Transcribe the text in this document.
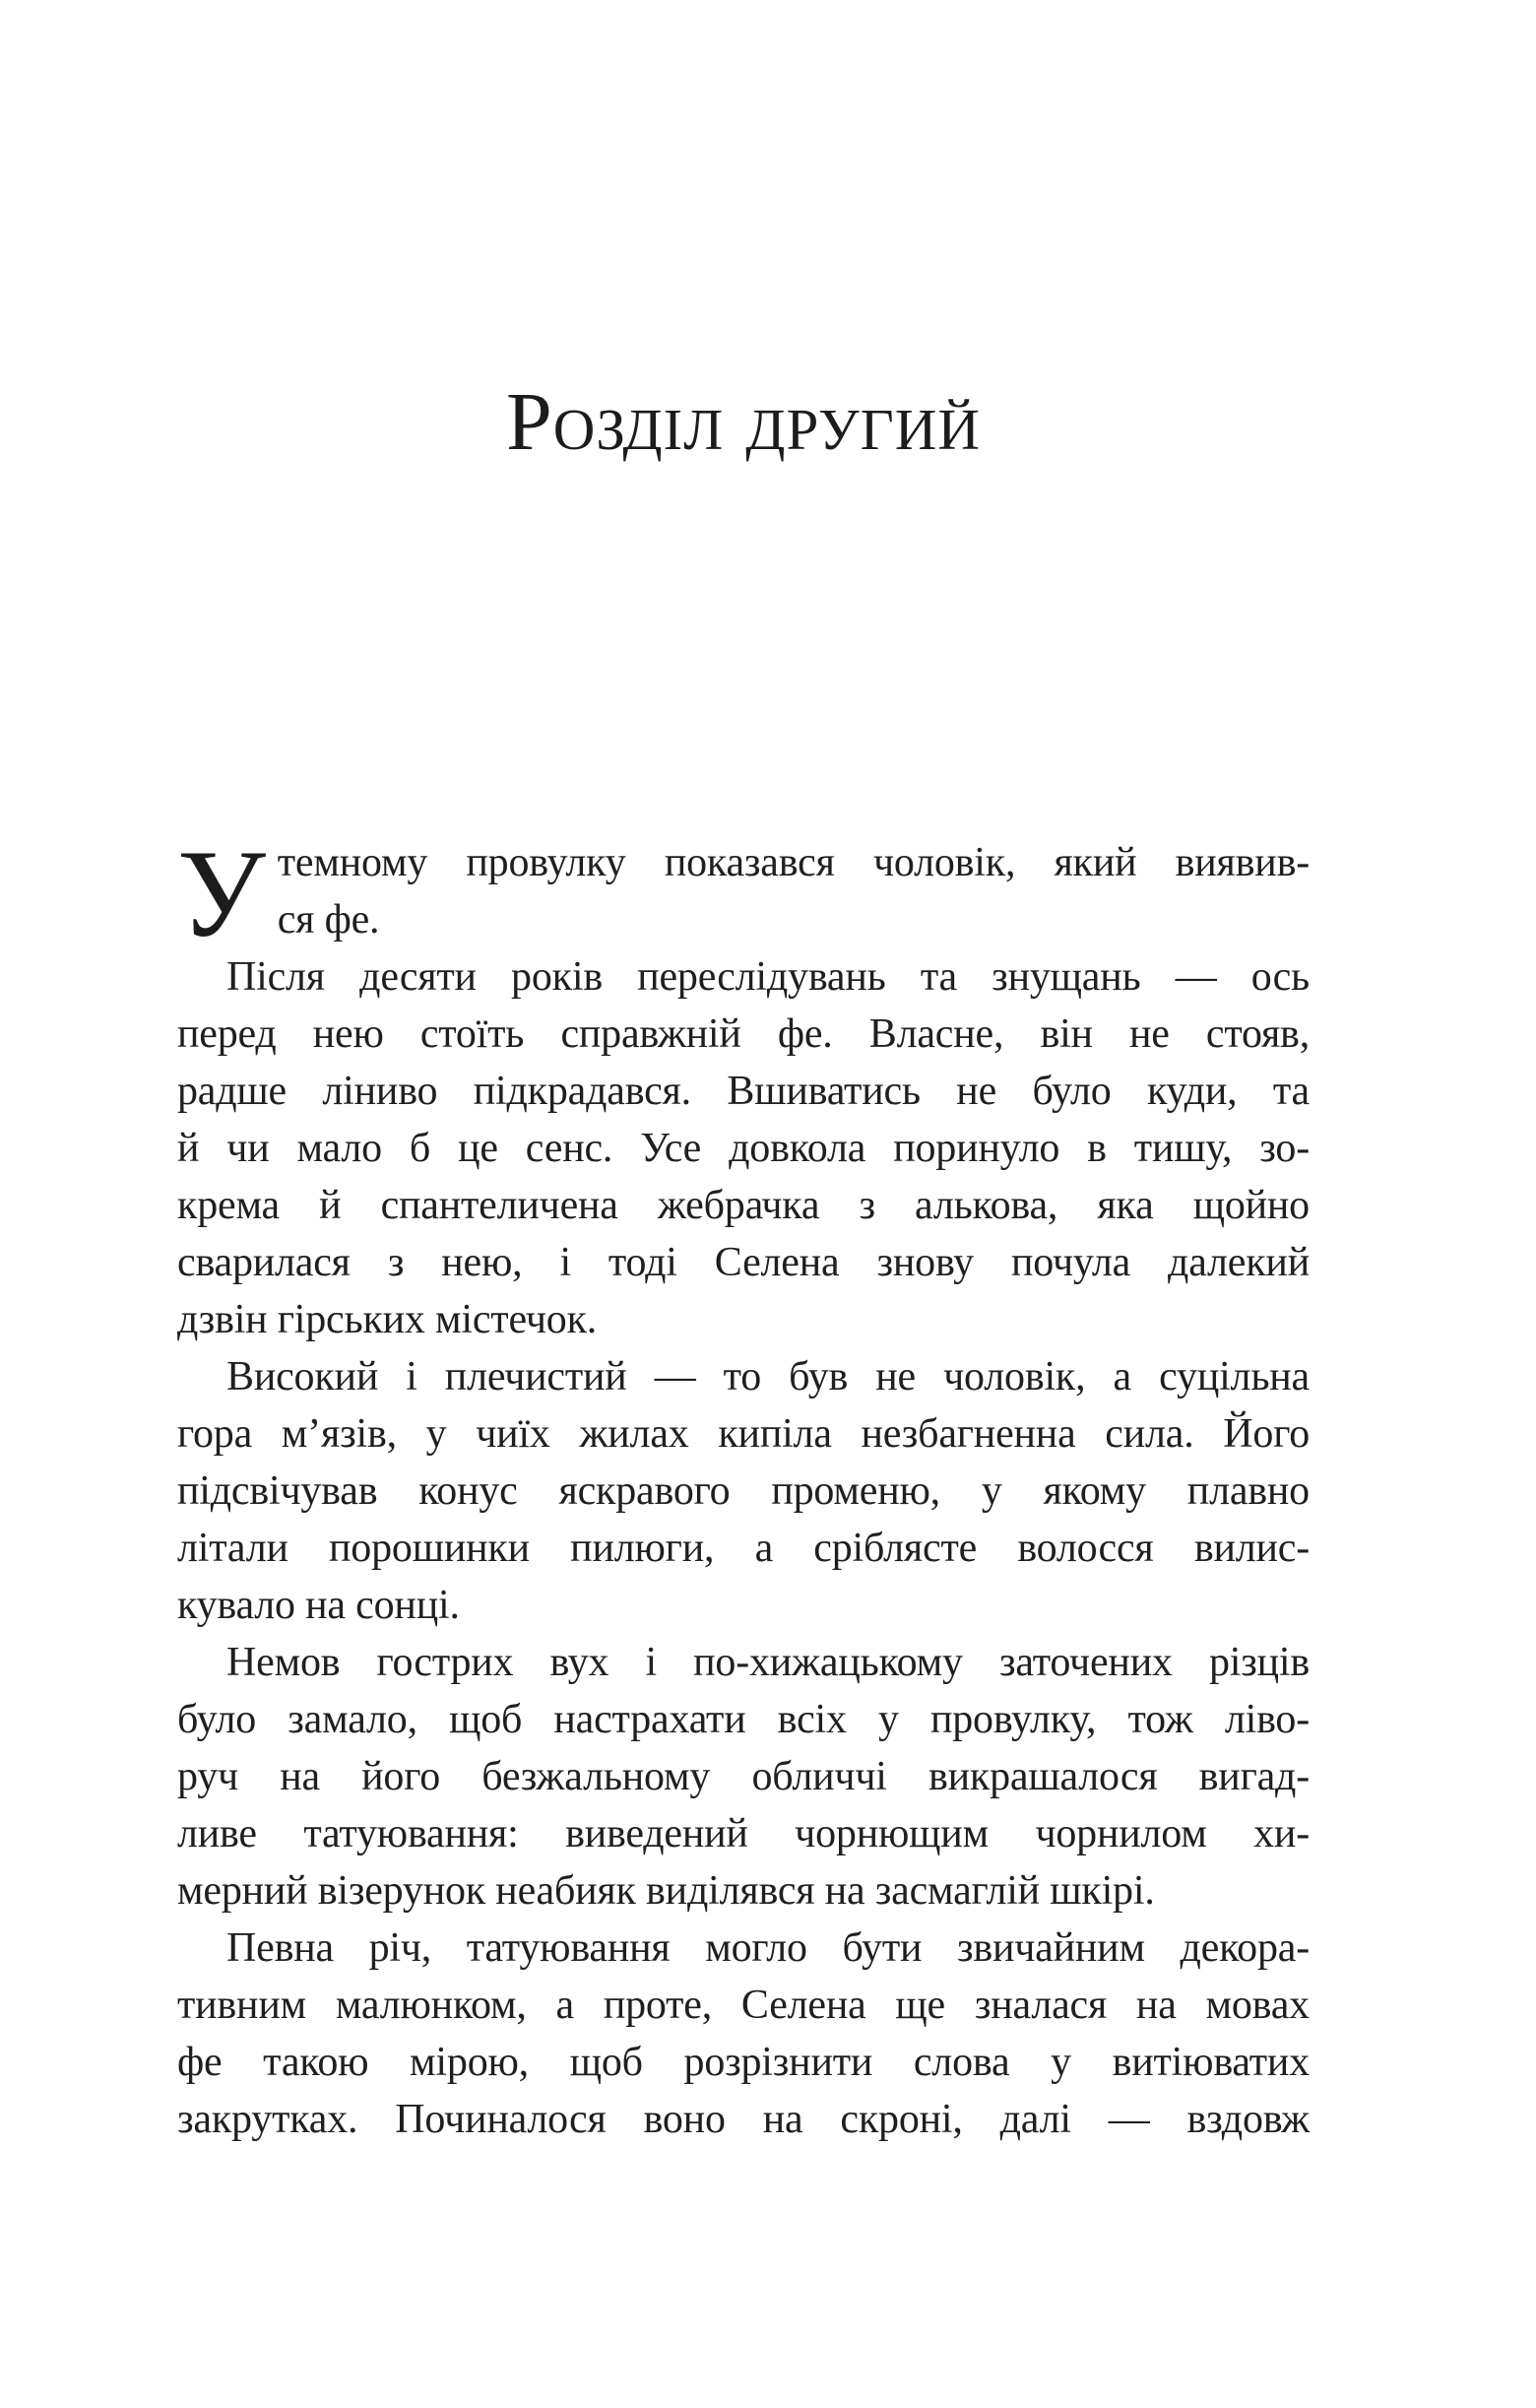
Розділ другий
У темному провулку показався чоловік, який виявив-
ся фе.
Після десяти років переслідувань та знущань — ось
перед нею стоїть справжній фе. Власне, він не стояв,
радше ліниво підкрадався. Вшиватись не було куди, та
й чи мало б це сенс. Усе довкола поринуло в тишу, зо-
крема й спантеличена жебрачка з алькова, яка щойно
сварилася з нею, і тоді Селена знову почула далекий
дзвін гірських містечок.
Високий і плечистий — то був не чоловік, а суцільна
гора м’язів, у чиїх жилах кипіла незбагненна сила. Його
підсвічував конус яскравого променю, у якому плавно
літали порошинки пилюги, а сріблясте волосся вилис-
кувало на сонці.
Немов гострих вух і по-хижацькому заточених різців
було замало, щоб настрахати всіх у провулку, тож ліво-
руч на його безжальному обличчі викрашалося вигад-
ливе татуювання: виведений чорнющим чорнилом хи-
мерний візерунок неабияк виділявся на засмаглій шкірі.
Певна річ, татуювання могло бути звичайним декора-
тивним малюнком, а проте, Селена ще зналася на мовах
фе такою мірою, щоб розрізнити слова у витіюватих
закрутках. Починалося воно на скроні, далі — вздовж
